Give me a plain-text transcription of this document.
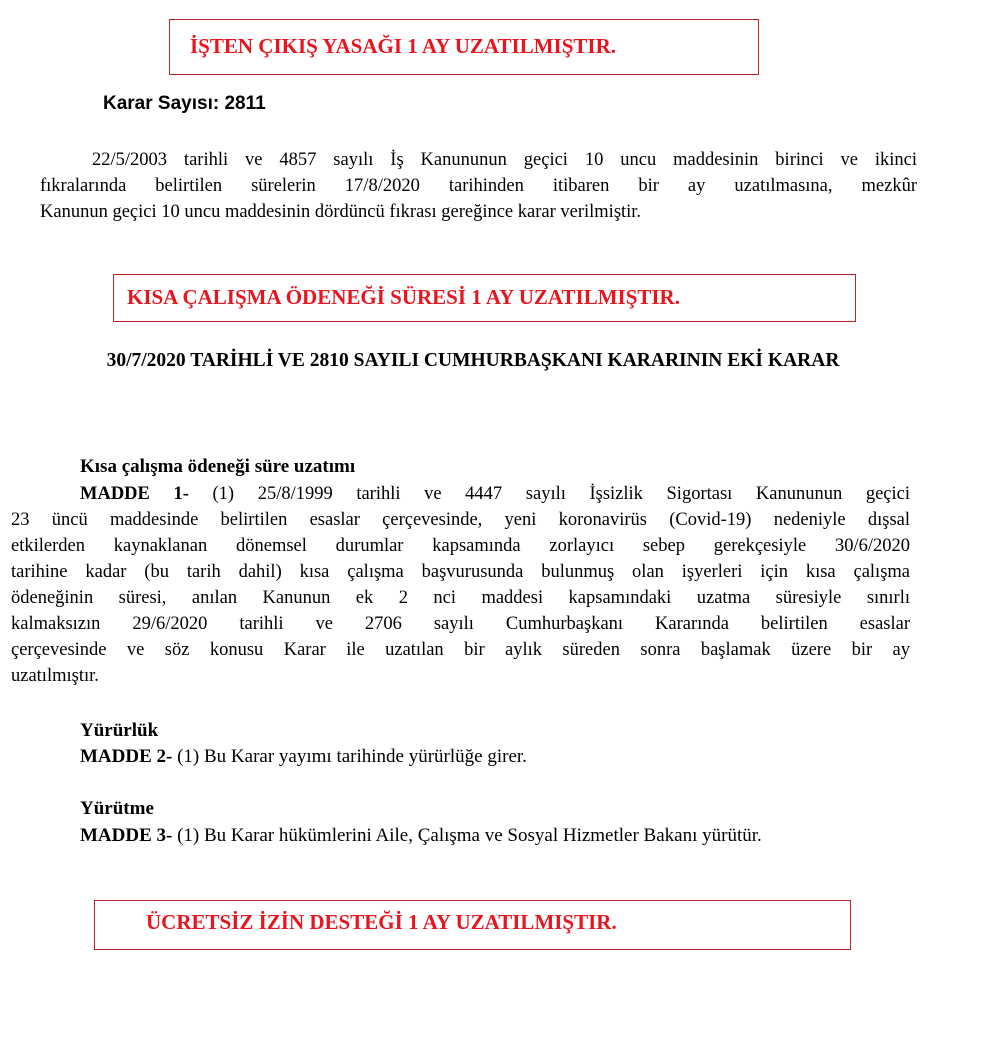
İŞTEN ÇIKIŞ YASAĞI 1 AY UZATILMIŞTIR.
Karar Sayısı: 2811
22/5/2003 tarihli ve 4857 sayılı İş Kanununun geçici 10 uncu maddesinin birinci ve ikinci
fıkralarında belirtilen sürelerin 17/8/2020 tarihinden itibaren bir ay uzatılmasına, mezkûr
Kanunun geçici 10 uncu maddesinin dördüncü fıkrası gereğince karar verilmiştir.
KISA ÇALIŞMA ÖDENEĞİ SÜRESİ 1 AY UZATILMIŞTIR.
30/7/2020 TARİHLİ VE 2810 SAYILI CUMHURBAŞKANI KARARININ EKİ KARAR
Kısa çalışma ödeneği süre uzatımı
MADDE 1- (1) 25/8/1999 tarihli ve 4447 sayılı İşsizlik Sigortası Kanununun geçici
23 üncü maddesinde belirtilen esaslar çerçevesinde, yeni koronavirüs (Covid-19) nedeniyle dışsal
etkilerden kaynaklanan dönemsel durumlar kapsamında zorlayıcı sebep gerekçesiyle 30/6/2020
tarihine kadar (bu tarih dahil) kısa çalışma başvurusunda bulunmuş olan işyerleri için kısa çalışma
ödeneğinin süresi, anılan Kanunun ek 2 nci maddesi kapsamındaki uzatma süresiyle sınırlı
kalmaksızın 29/6/2020 tarihli ve 2706 sayılı Cumhurbaşkanı Kararında belirtilen esaslar
çerçevesinde ve söz konusu Karar ile uzatılan bir aylık süreden sonra başlamak üzere bir ay
uzatılmıştır.
Yürürlük
MADDE 2- (1) Bu Karar yayımı tarihinde yürürlüğe girer.
Yürütme
MADDE 3- (1) Bu Karar hükümlerini Aile, Çalışma ve Sosyal Hizmetler Bakanı yürütür.
ÜCRETSİZ İZİN DESTEĞİ 1 AY UZATILMIŞTIR.
